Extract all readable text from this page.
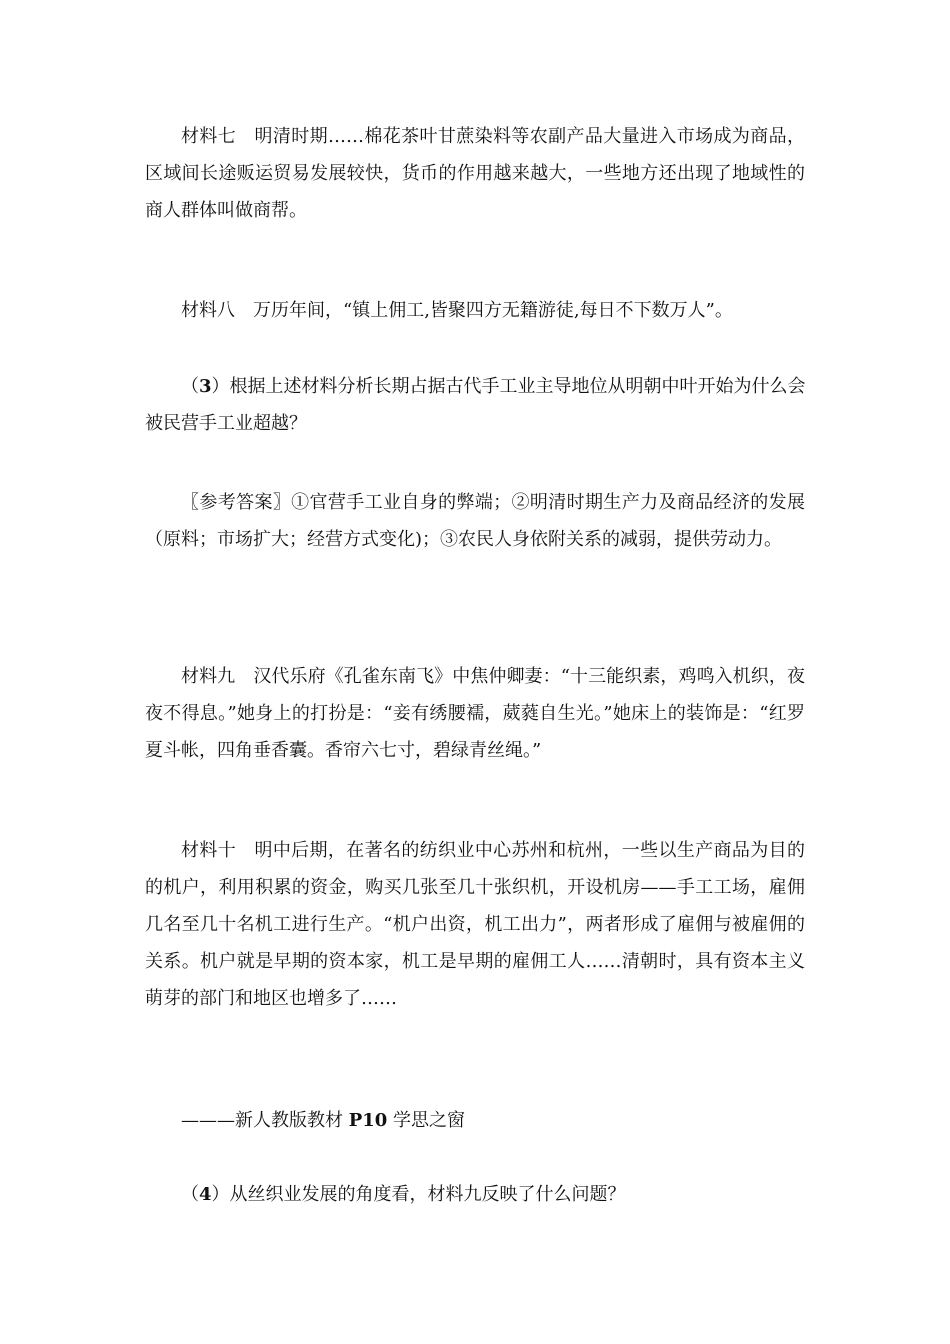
材料七　明清时期……棉花茶叶甘蔗染料等农副产品大量进入市场成为商品，区域间长途贩运贸易发展较快，货币的作用越来越大，一些地方还出现了地域性的商人群体叫做商帮。

材料八　万历年间，“镇上佣工,皆聚四方无籍游徒,每日不下数万人”。

（3）根据上述材料分析长期占据古代手工业主导地位从明朝中叶开始为什么会被民营手工业超越？

〖参考答案〗①官营手工业自身的弊端；②明清时期生产力及商品经济的发展（原料；市场扩大；经营方式变化)；③农民人身依附关系的减弱，提供劳动力。

材料九　汉代乐府《孔雀东南飞》中焦仲卿妻：“十三能织素，鸡鸣入机织，夜夜不得息。”她身上的打扮是：“妾有绣腰襦，葳蕤自生光。”她床上的装饰是：“红罗夏斗帐，四角垂香囊。香帘六七寸，碧绿青丝绳。”

材料十　明中后期，在著名的纺织业中心苏州和杭州，一些以生产商品为目的的机户，利用积累的资金，购买几张至几十张织机，开设机房——手工工场，雇佣几名至几十名机工进行生产。“机户出资，机工出力”，两者形成了雇佣与被雇佣的关系。机户就是早期的资本家，机工是早期的雇佣工人……清朝时，具有资本主义萌芽的部门和地区也增多了……

———新人教版教材 P10 学思之窗

（4）从丝织业发展的角度看，材料九反映了什么问题？
